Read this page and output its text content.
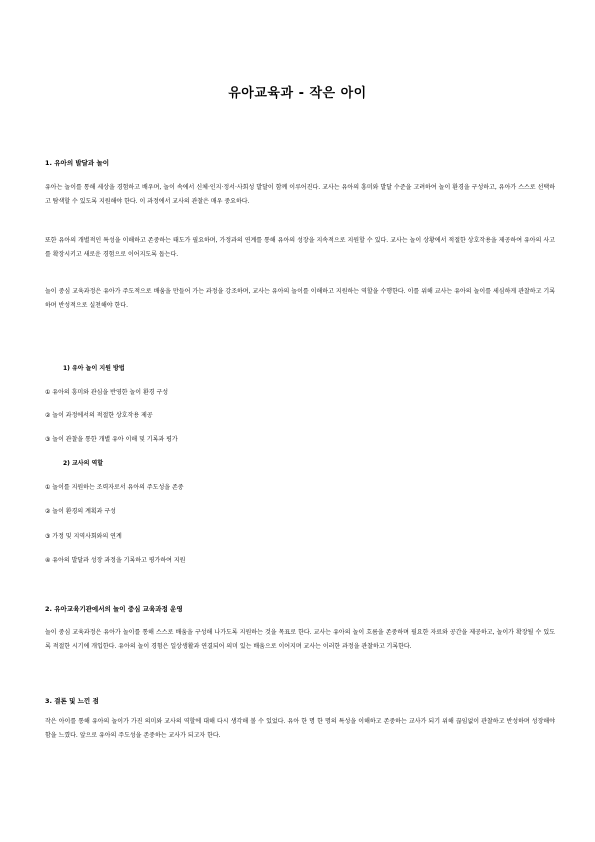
유아교육과 - 작은 아이
1. 유아의 발달과 놀이
유아는 놀이를 통해 세상을 경험하고 배우며, 놀이 속에서 신체·인지·정서·사회성 발달이 함께 이루어진다. 교사는 유아의 흥미와 발달 수준을 고려하여 놀이 환경을 구성하고, 유아가 스스로 선택하고 탐색할 수 있도록 지원해야 한다. 이 과정에서 교사의 관찰은 매우 중요하다.
또한 유아의 개별적인 특성을 이해하고 존중하는 태도가 필요하며, 가정과의 연계를 통해 유아의 성장을 지속적으로 지원할 수 있다. 교사는 놀이 상황에서 적절한 상호작용을 제공하여 유아의 사고를 확장시키고 새로운 경험으로 이어지도록 돕는다.
놀이 중심 교육과정은 유아가 주도적으로 배움을 만들어 가는 과정을 강조하며, 교사는 유아의 놀이를 이해하고 지원하는 역할을 수행한다. 이를 위해 교사는 유아의 놀이를 세심하게 관찰하고 기록하며 반성적으로 실천해야 한다.
1) 유아 놀이 지원 방법
① 유아의 흥미와 관심을 반영한 놀이 환경 구성
② 놀이 과정에서의 적절한 상호작용 제공
③ 놀이 관찰을 통한 개별 유아 이해 및 기록과 평가
2) 교사의 역할
① 놀이를 지원하는 조력자로서 유아의 주도성을 존중
② 놀이 환경의 계획과 구성
③ 가정 및 지역사회와의 연계
④ 유아의 발달과 성장 과정을 기록하고 평가하여 지원
2. 유아교육기관에서의 놀이 중심 교육과정 운영
놀이 중심 교육과정은 유아가 놀이를 통해 스스로 배움을 구성해 나가도록 지원하는 것을 목표로 한다. 교사는 유아의 놀이 흐름을 존중하며 필요한 자료와 공간을 제공하고, 놀이가 확장될 수 있도록 적절한 시기에 개입한다. 유아의 놀이 경험은 일상생활과 연결되어 의미 있는 배움으로 이어지며 교사는 이러한 과정을 관찰하고 기록한다.
3. 결론 및 느낀 점
작은 아이를 통해 유아의 놀이가 가진 의미와 교사의 역할에 대해 다시 생각해 볼 수 있었다. 유아 한 명 한 명의 특성을 이해하고 존중하는 교사가 되기 위해 끊임없이 관찰하고 반성하며 성장해야 함을 느꼈다. 앞으로 유아의 주도성을 존중하는 교사가 되고자 한다.
